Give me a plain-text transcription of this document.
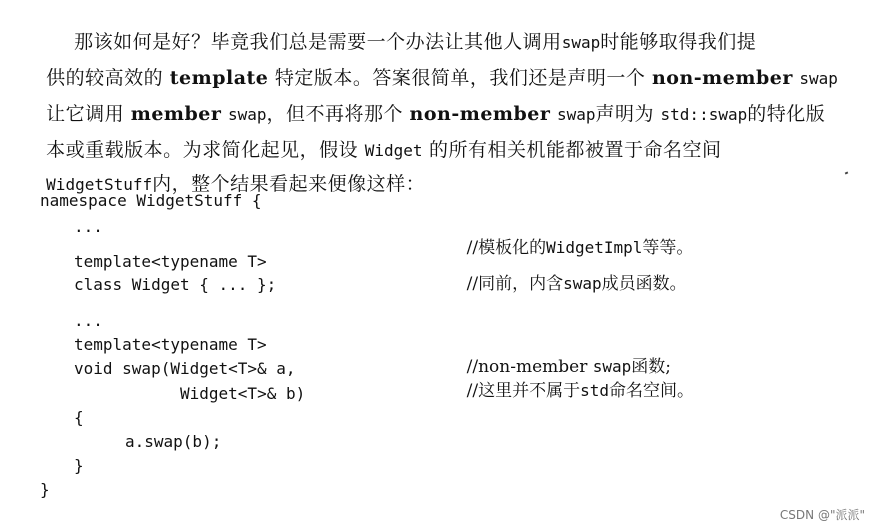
那该如何是好？毕竟我们总是需要一个办法让其他人调用swap时能够取得我们提

供的较高效的 template 特定版本。答案很简单，我们还是声明一个 non-member swap

让它调用 member swap，但不再将那个 non-member swap声明为 std::swap的特化版

本或重载版本。为求简化起见，假设 Widget 的所有相关机能都被置于命名空间

WidgetStuff内，整个结果看起来便像这样：

namespace WidgetStuff {
...
template<typename T>
class Widget { ... };
...
template<typename T>
void swap(Widget<T>& a,
Widget<T>& b)
{
a.swap(b);
}
}

//模板化的WidgetImpl等等。

//同前，内含swap成员函数。

//non-member swap函数;

//这里并不属于std命名空间。

CSDN @"派派"
